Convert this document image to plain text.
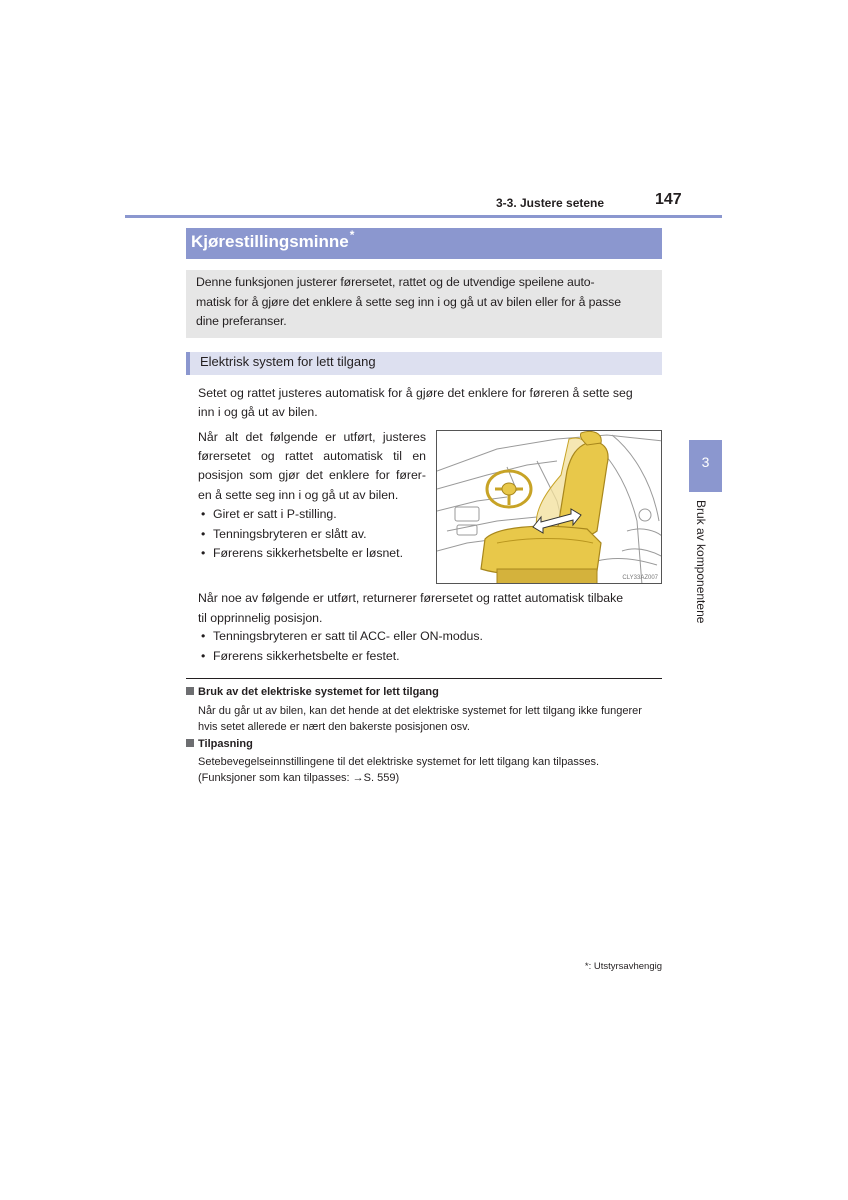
3-3. Justere setene	147
Kjørestillingsminne*
Denne funksjonen justerer førersetet, rattet og de utvendige speilene auto-
matisk for å gjøre det enklere å sette seg inn i og gå ut av bilen eller for å passe
dine preferanser.
Elektrisk system for lett tilgang
Setet og rattet justeres automatisk for å gjøre det enklere for føreren å sette seg
inn i og gå ut av bilen.
Når alt det følgende er utført, justeres
førersetet og rattet automatisk til en
posisjon som gjør det enklere for fører-
en å sette seg inn i og gå ut av bilen.
• Giret er satt i P-stilling.
• Tenningsbryteren er slått av.
• Førerens sikkerhetsbelte er løsnet.
CLY33AZ007
Når noe av følgende er utført, returnerer førersetet og rattet automatisk tilbake
til opprinnelig posisjon.
• Tenningsbryteren er satt til ACC- eller ON-modus.
• Førerens sikkerhetsbelte er festet.
Bruk av det elektriske systemet for lett tilgang
Når du går ut av bilen, kan det hende at det elektriske systemet for lett tilgang ikke fungerer
hvis setet allerede er nært den bakerste posisjonen osv.
Tilpasning
Setebevegelseinnstillingene til det elektriske systemet for lett tilgang kan tilpasses.
(Funksjoner som kan tilpasses: →S. 559)
3
Bruk av komponentene
*: Utstyrsavhengig
